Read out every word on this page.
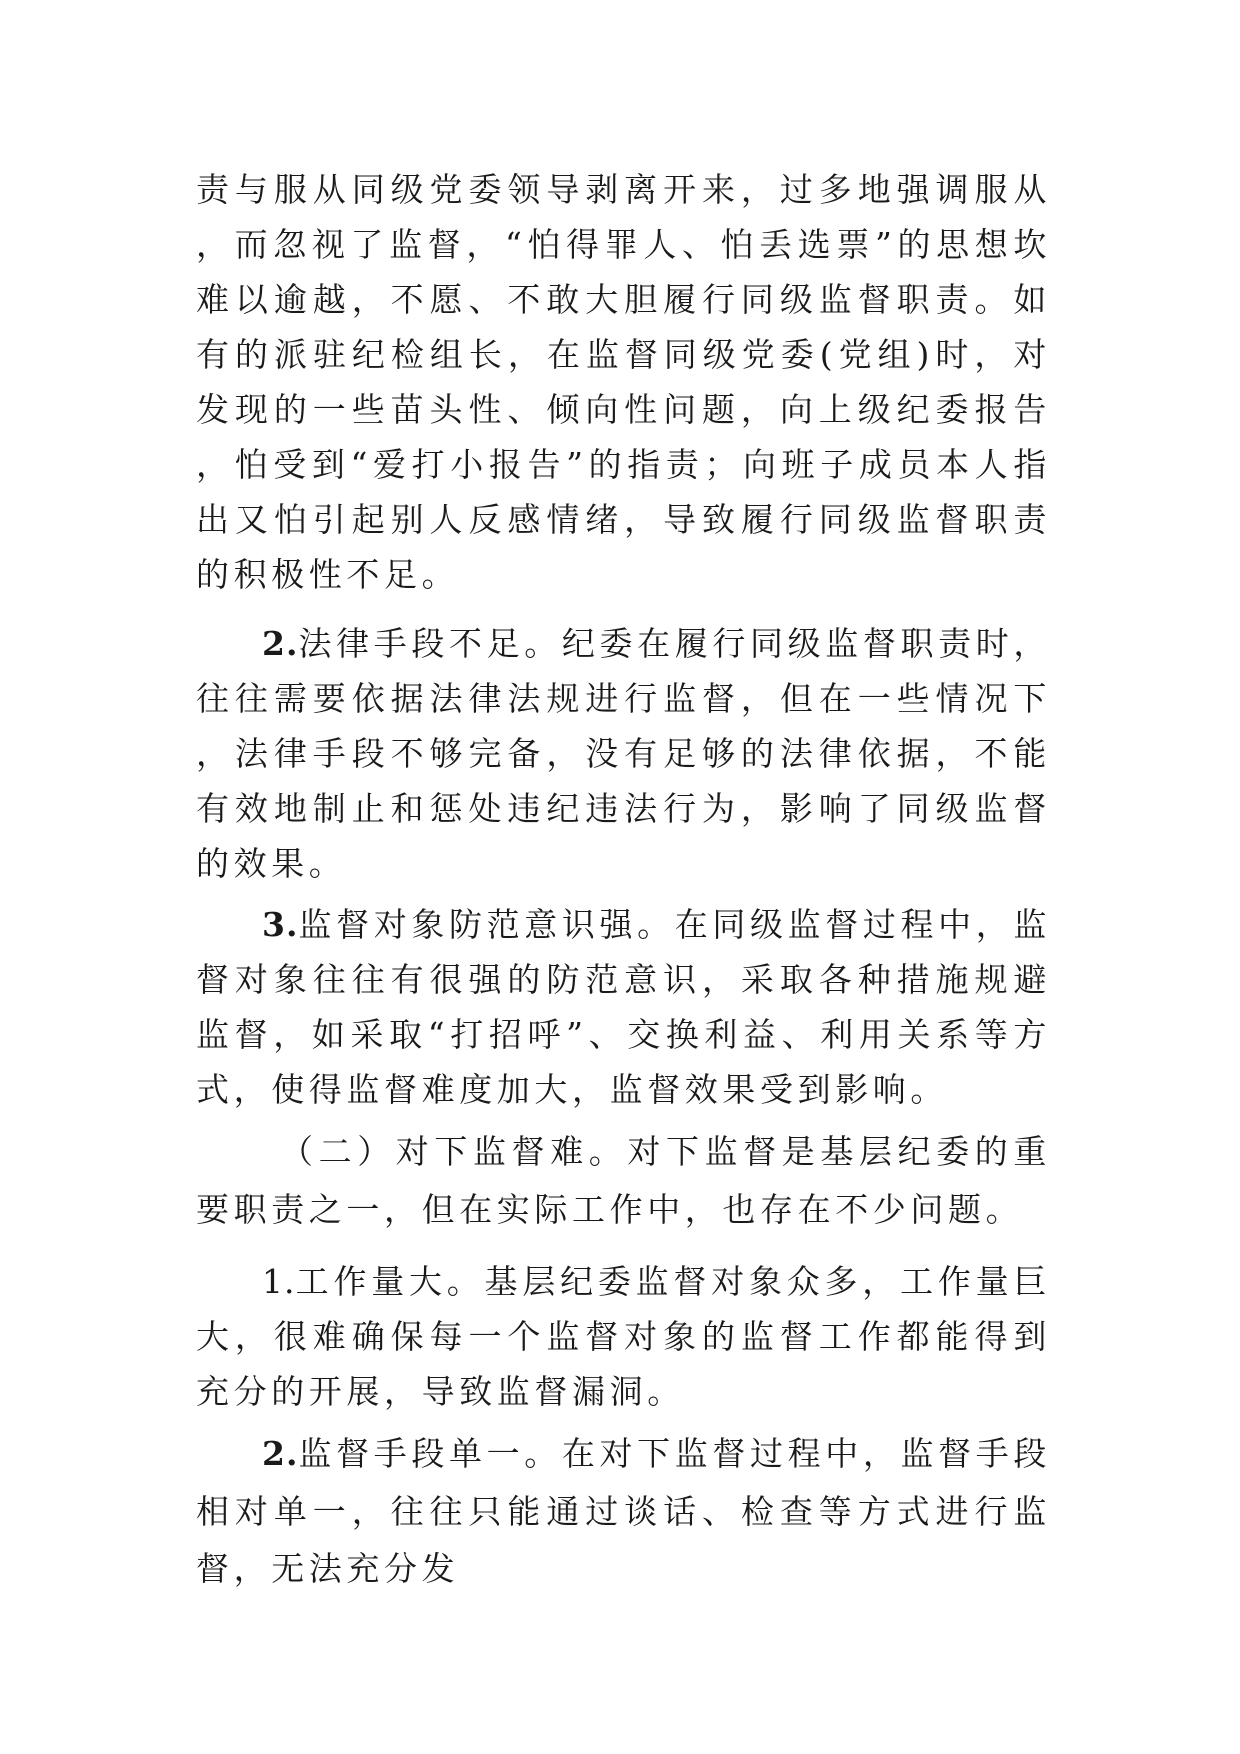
责与服从同级党委领导剥离开来，过多地强调服从，而忽视了监督，“怕得罪人、怕丢选票”的思想坎难以逾越，不愿、不敢大胆履行同级监督职责。如有的派驻纪检组长，在监督同级党委(党组)时，对发现的一些苗头性、倾向性问题，向上级纪委报告，怕受到“爱打小报告”的指责；向班子成员本人指出又怕引起别人反感情绪，导致履行同级监督职责的积极性不足。

2.法律手段不足。纪委在履行同级监督职责时，往往需要依据法律法规进行监督，但在一些情况下，法律手段不够完备，没有足够的法律依据，不能有效地制止和惩处违纪违法行为，影响了同级监督的效果。

3.监督对象防范意识强。在同级监督过程中，监督对象往往有很强的防范意识，采取各种措施规避监督，如采取“打招呼”、交换利益、利用关系等方式，使得监督难度加大，监督效果受到影响。

（二）对下监督难。对下监督是基层纪委的重要职责之一，但在实际工作中，也存在不少问题。

1.工作量大。基层纪委监督对象众多，工作量巨大，很难确保每一个监督对象的监督工作都能得到充分的开展，导致监督漏洞。

2.监督手段单一。在对下监督过程中，监督手段相对单一，往往只能通过谈话、检查等方式进行监督，无法充分发
